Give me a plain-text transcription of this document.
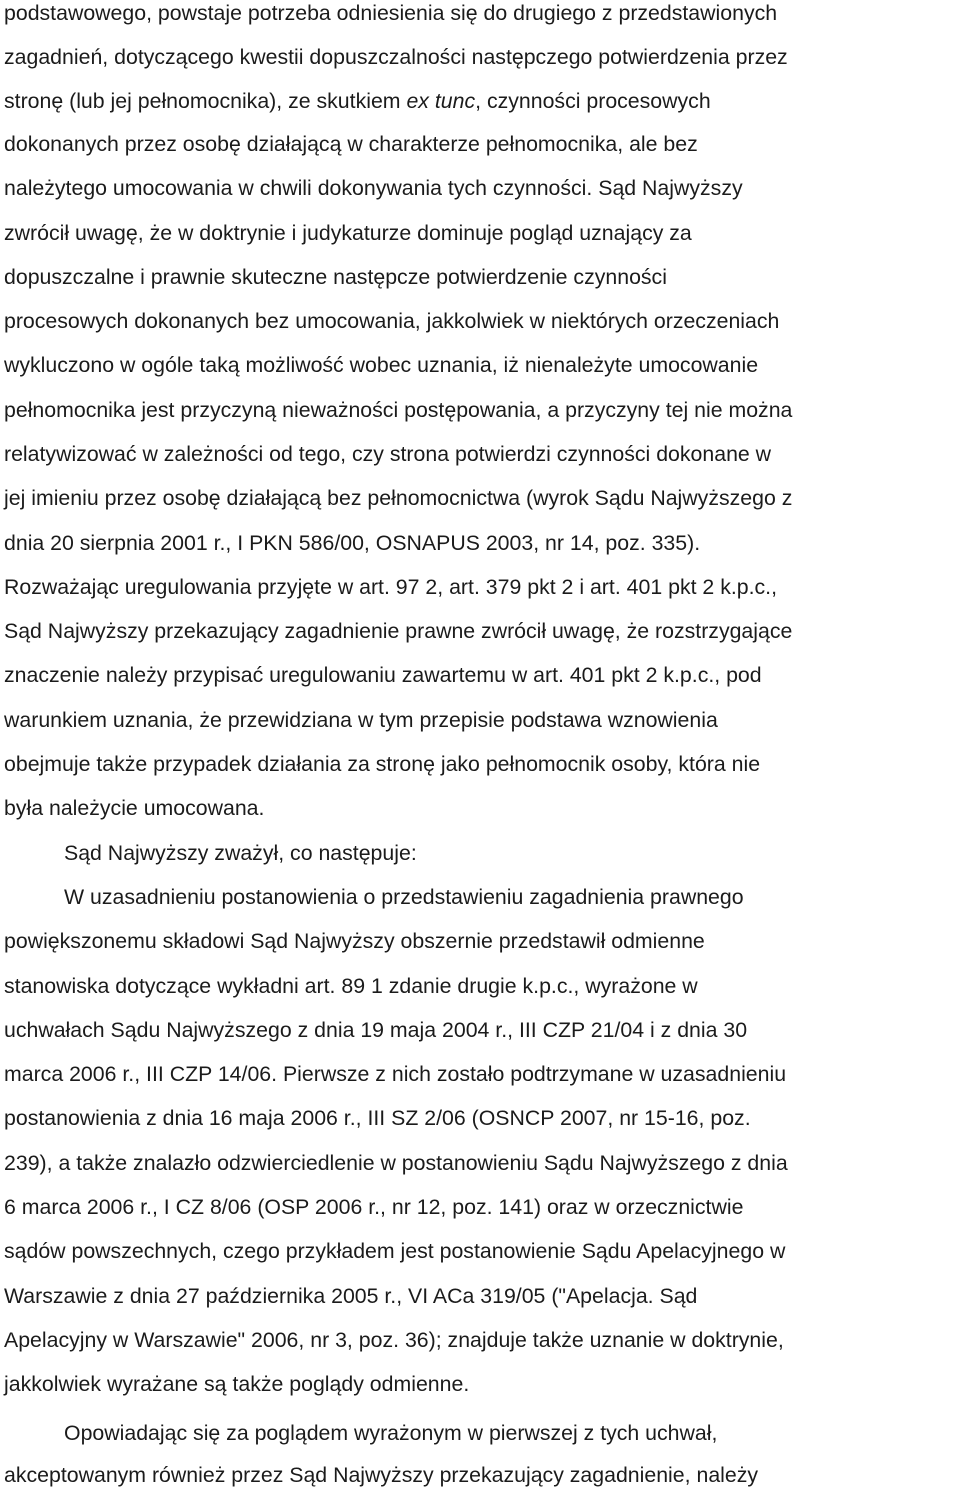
podstawowego, powstaje potrzeba odniesienia się do drugiego z przedstawionych
zagadnień, dotyczącego kwestii dopuszczalności następczego potwierdzenia przez
stronę (lub jej pełnomocnika), ze skutkiem ex tunc, czynności procesowych
dokonanych przez osobę działającą w charakterze pełnomocnika, ale bez
należytego umocowania w chwili dokonywania tych czynności. Sąd Najwyższy
zwrócił uwagę, że w doktrynie i judykaturze dominuje pogląd uznający za
dopuszczalne i prawnie skuteczne następcze potwierdzenie czynności
procesowych dokonanych bez umocowania, jakkolwiek w niektórych orzeczeniach
wykluczono w ogóle taką możliwość wobec uznania, iż nienależyte umocowanie
pełnomocnika jest przyczyną nieważności postępowania, a przyczyny tej nie można
relatywizować w zależności od tego, czy strona potwierdzi czynności dokonane w
jej imieniu przez osobę działającą bez pełnomocnictwa (wyrok Sądu Najwyższego z
dnia 20 sierpnia 2001 r., I PKN 586/00, OSNAPUS 2003, nr 14, poz. 335).
Rozważając uregulowania przyjęte w art. 97 2, art. 379 pkt 2 i art. 401 pkt 2 k.p.c.,
Sąd Najwyższy przekazujący zagadnienie prawne zwrócił uwagę, że rozstrzygające
znaczenie należy przypisać uregulowaniu zawartemu w art. 401 pkt 2 k.p.c., pod
warunkiem uznania, że przewidziana w tym przepisie podstawa wznowienia
obejmuje także przypadek działania za stronę jako pełnomocnik osoby, która nie
była należycie umocowana.
Sąd Najwyższy zważył, co następuje:
W uzasadnieniu postanowienia o przedstawieniu zagadnienia prawnego
powiększonemu składowi Sąd Najwyższy obszernie przedstawił odmienne
stanowiska dotyczące wykładni art. 89 1 zdanie drugie k.p.c., wyrażone w
uchwałach Sądu Najwyższego z dnia 19 maja 2004 r., III CZP 21/04 i z dnia 30
marca 2006 r., III CZP 14/06. Pierwsze z nich zostało podtrzymane w uzasadnieniu
postanowienia z dnia 16 maja 2006 r., III SZ 2/06 (OSNCP 2007, nr 15-16, poz.
239), a także znalazło odzwierciedlenie w postanowieniu Sądu Najwyższego z dnia
6 marca 2006 r., I CZ 8/06 (OSP 2006 r., nr 12, poz. 141) oraz w orzecznictwie
sądów powszechnych, czego przykładem jest postanowienie Sądu Apelacyjnego w
Warszawie z dnia 27 października 2005 r., VI ACa 319/05 ("Apelacja. Sąd
Apelacyjny w Warszawie" 2006, nr 3, poz. 36); znajduje także uznanie w doktrynie,
jakkolwiek wyrażane są także poglądy odmienne.
Opowiadając się za poglądem wyrażonym w pierwszej z tych uchwał,
akceptowanym również przez Sąd Najwyższy przekazujący zagadnienie, należy
